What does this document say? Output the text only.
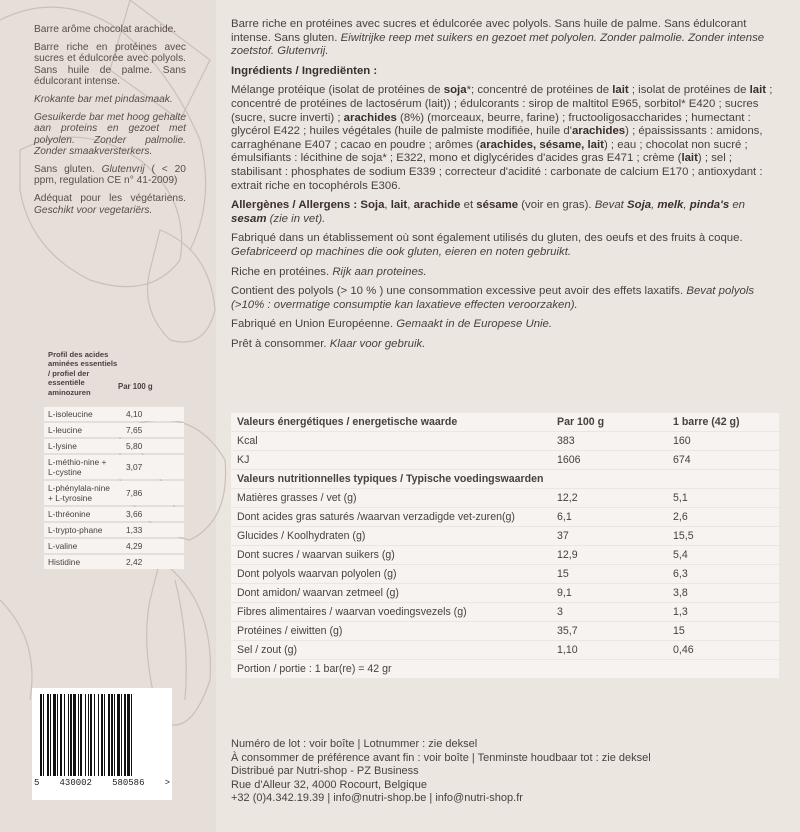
Barre arôme chocolat arachide.

Barre riche en protéines avec sucres et édulcorée avec polyols. Sans huile de palme. Sans édulcorant intense.

Krokante bar met pindasmaak.

Gesuikerde bar met hoog gehalte aan proteins en gezoet met polyolen. Zonder palmolie. Zonder smaakversterkers.

Sans gluten. Glutenvrij ( < 20 ppm, regulation CE n° 41-2009)

Adéquat pour les végétariens. Geschikt voor vegetariërs.

Profil des acides aminées essentiels / profiel der essentiële aminozuren
Par 100 g
L-isoleucine	4,10
L-leucine	7,65
L-lysine	5,80
L-méthio-nine + L-cystine	3,07
L-phénylala-nine + L-tyrosine	7,86
L-thréonine	3,66
L-trypto-phane	1,33
L-valine	4,29
Histidine	2,42
5 430002 580586 >

Barre riche en protéines avec sucres et édulcorée avec polyols. Sans huile de palme. Sans édulcorant intense. Sans gluten. Eiwitrijke reep met suikers en gezoet met polyolen. Zonder palmolie. Zonder intense zoetstof. Glutenvrij.

Ingrédients / Ingrediënten :

Mélange protéique (isolat de protéines de soja*; concentré de protéines de lait ; isolat de protéines de lait ; concentré de protéines de lactosérum (lait)) ; édulcorants : sirop de maltitol E965, sorbitol* E420 ; sucres (sucre, sucre inverti) ; arachides (8%) (morceaux, beurre, farine) ; fructooligosaccharides ; humectant : glycérol E422 ; huiles végétales (huile de palmiste modifiée, huile d'arachides) ; épaississants : amidons, carraghénane E407 ; cacao en poudre ; arômes (arachides, sésame, lait) ; eau ; chocolat non sucré ; émulsifiants : lécithine de soja* ; E322, mono et diglycérides d'acides gras E471 ; crème (lait) ; sel ; stabilisant : phosphates de sodium E339 ; correcteur d'acidité : carbonate de calcium E170 ; antioxydant : extrait riche en tocophérols E306.

Allergènes / Allergens : Soja, lait, arachide et sésame (voir en gras). Bevat Soja, melk, pinda's en sesam (zie in vet).

Fabriqué dans un établissement où sont également utilisés du gluten, des oeufs et des fruits à coque. Gefabriceerd op machines die ook gluten, eieren en noten gebruikt.

Riche en protéines. Rijk aan proteines.

Contient des polyols (> 10 % ) une consommation excessive peut avoir des effets laxatifs. Bevat polyols (>10% : overmatige consumptie kan laxatieve effecten veroorzaken).

Fabriqué en Union Européenne. Gemaakt in de Europese Unie.

Prêt à consommer. Klaar voor gebruik.

Valeurs énergétiques / energetische waarde	Par 100 g	1 barre (42 g)
Kcal	383	160
KJ	1606	674
Valeurs nutritionnelles typiques / Typische voedingswaarden		
Matières grasses / vet (g)	12,2	5,1
Dont acides gras saturés /waarvan verzadigde vet-zuren(g)	6,1	2,6
Glucides / Koolhydraten (g)	37	15,5
Dont sucres / waarvan suikers (g)	12,9	5,4
Dont polyols waarvan polyolen (g)	15	6,3
Dont amidon/ waarvan zetmeel (g)	9,1	3,8
Fibres alimentaires / waarvan voedingsvezels (g)	3	1,3
Protéines / eiwitten (g)	35,7	15
Sel / zout (g)	1,10	0,46
Portion / portie : 1 bar(re) = 42 gr		
Numéro de lot : voir boîte | Lotnummer : zie deksel
À consommer de préférence avant fin : voir boîte | Tenminste houdbaar tot : zie deksel
Distribué par Nutri-shop - PZ Business
Rue d'Alleur 32, 4000 Rocourt, Belgique
+32 (0)4.342.19.39 | info@nutri-shop.be | info@nutri-shop.fr
